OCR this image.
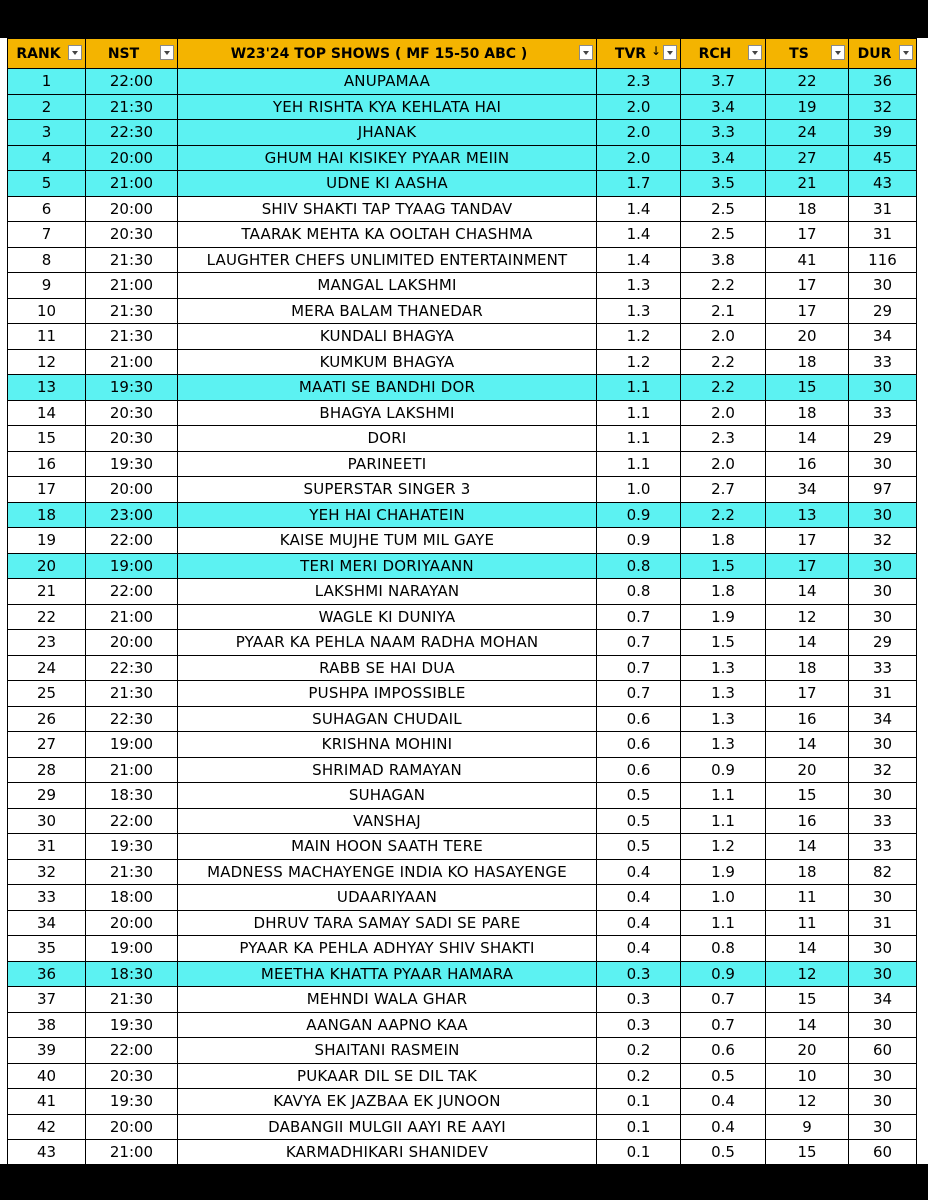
RANK	NST	W23'24 TOP SHOWS ( MF 15-50 ABC )	TVR ↓	RCH	TS	DUR

1	22:00	ANUPAMAA	2.3	3.7	22	36
2	21:30	YEH RISHTA KYA KEHLATA HAI	2.0	3.4	19	32
3	22:30	JHANAK	2.0	3.3	24	39
4	20:00	GHUM HAI KISIKEY PYAAR MEIIN	2.0	3.4	27	45
5	21:00	UDNE KI AASHA	1.7	3.5	21	43
6	20:00	SHIV SHAKTI TAP TYAAG TANDAV	1.4	2.5	18	31
7	20:30	TAARAK MEHTA KA OOLTAH CHASHMA	1.4	2.5	17	31
8	21:30	LAUGHTER CHEFS UNLIMITED ENTERTAINMENT	1.4	3.8	41	116
9	21:00	MANGAL LAKSHMI	1.3	2.2	17	30
10	21:30	MERA BALAM THANEDAR	1.3	2.1	17	29
11	21:30	KUNDALI BHAGYA	1.2	2.0	20	34
12	21:00	KUMKUM BHAGYA	1.2	2.2	18	33
13	19:30	MAATI SE BANDHI DOR	1.1	2.2	15	30
14	20:30	BHAGYA LAKSHMI	1.1	2.0	18	33
15	20:30	DORI	1.1	2.3	14	29
16	19:30	PARINEETI	1.1	2.0	16	30
17	20:00	SUPERSTAR SINGER 3	1.0	2.7	34	97
18	23:00	YEH HAI CHAHATEIN	0.9	2.2	13	30
19	22:00	KAISE MUJHE TUM MIL GAYE	0.9	1.8	17	32
20	19:00	TERI MERI DORIYAANN	0.8	1.5	17	30
21	22:00	LAKSHMI NARAYAN	0.8	1.8	14	30
22	21:00	WAGLE KI DUNIYA	0.7	1.9	12	30
23	20:00	PYAAR KA PEHLA NAAM RADHA MOHAN	0.7	1.5	14	29
24	22:30	RABB SE HAI DUA	0.7	1.3	18	33
25	21:30	PUSHPA IMPOSSIBLE	0.7	1.3	17	31
26	22:30	SUHAGAN CHUDAIL	0.6	1.3	16	34
27	19:00	KRISHNA MOHINI	0.6	1.3	14	30
28	21:00	SHRIMAD RAMAYAN	0.6	0.9	20	32
29	18:30	SUHAGAN	0.5	1.1	15	30
30	22:00	VANSHAJ	0.5	1.1	16	33
31	19:30	MAIN HOON SAATH TERE	0.5	1.2	14	33
32	21:30	MADNESS MACHAYENGE INDIA KO HASAYENGE	0.4	1.9	18	82
33	18:00	UDAARIYAAN	0.4	1.0	11	30
34	20:00	DHRUV TARA SAMAY SADI SE PARE	0.4	1.1	11	31
35	19:00	PYAAR KA PEHLA ADHYAY SHIV SHAKTI	0.4	0.8	14	30
36	18:30	MEETHA KHATTA PYAAR HAMARA	0.3	0.9	12	30
37	21:30	MEHNDI WALA GHAR	0.3	0.7	15	34
38	19:30	AANGAN AAPNO KAA	0.3	0.7	14	30
39	22:00	SHAITANI RASMEIN	0.2	0.6	20	60
40	20:30	PUKAAR DIL SE DIL TAK	0.2	0.5	10	30
41	19:30	KAVYA EK JAZBAA EK JUNOON	0.1	0.4	12	30
42	20:00	DABANGII MULGII AAYI RE AAYI	0.1	0.4	9	30
43	21:00	KARMADHIKARI SHANIDEV	0.1	0.5	15	60
